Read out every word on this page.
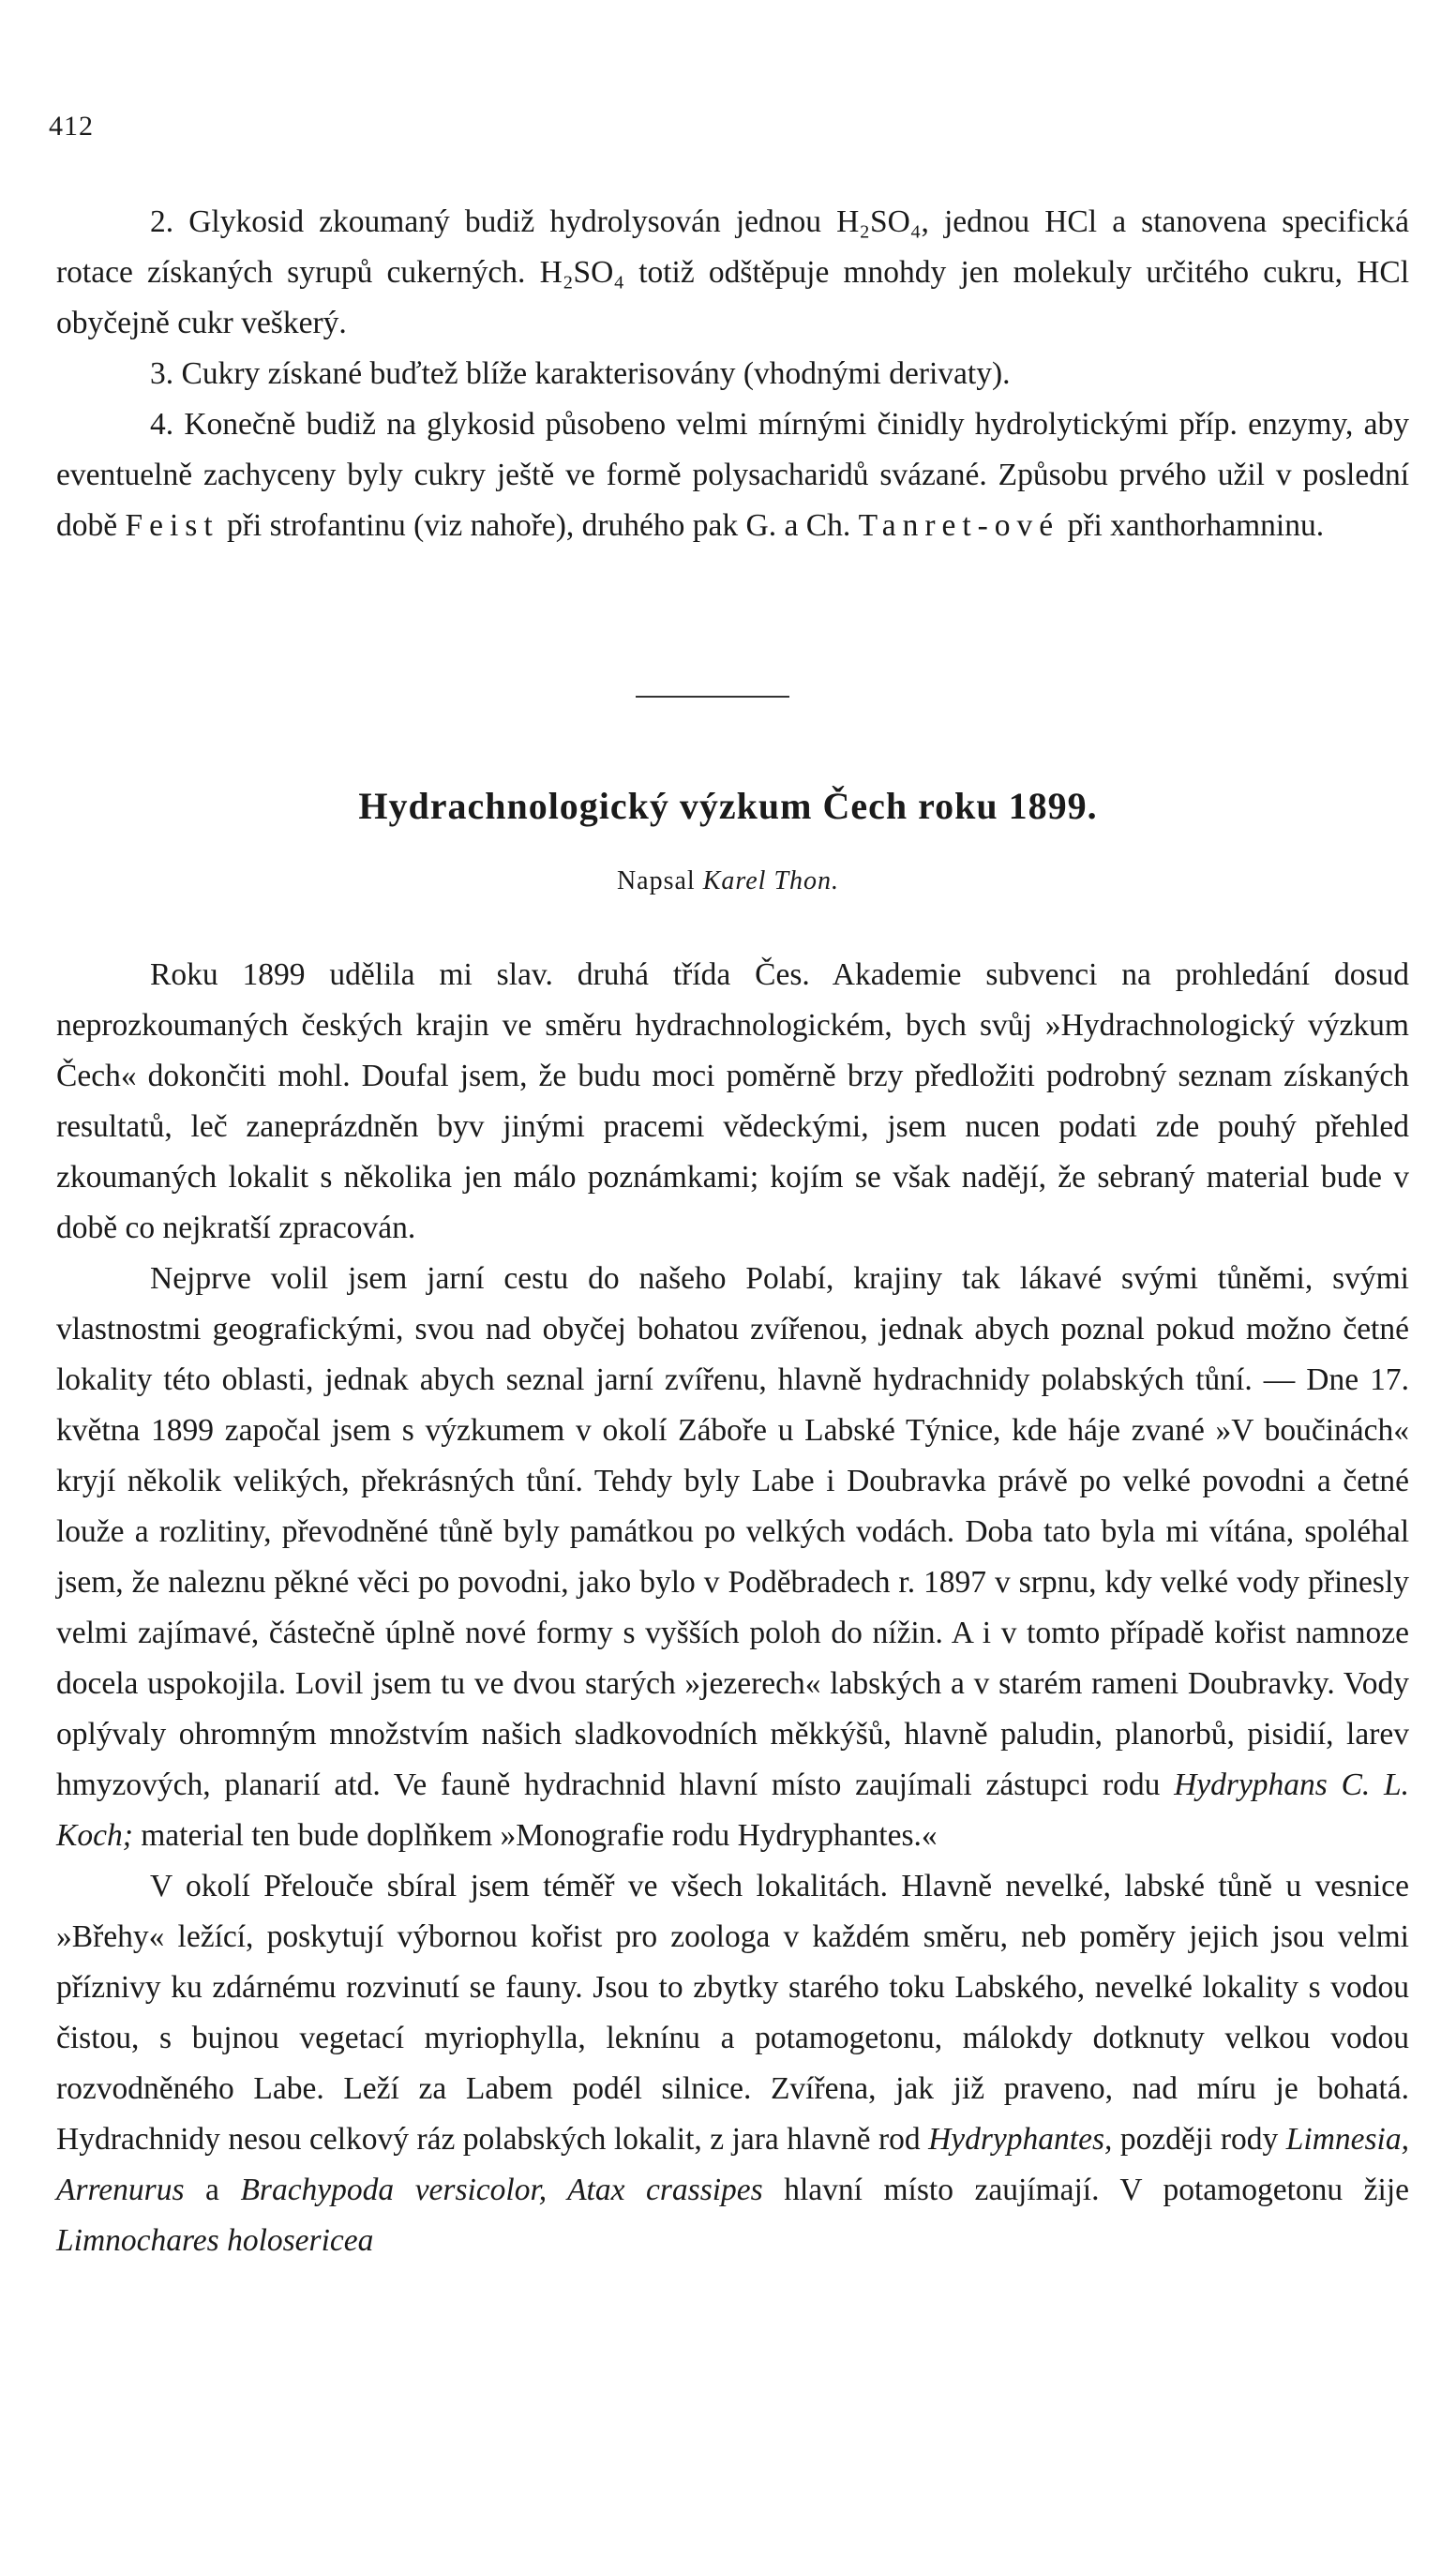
412

2. Glykosid zkoumaný budiž hydrolysován jednou H₂SO₄, jednou HCl a stanovena specifická rotace získaných syrupů cukerných. H₂SO₄ totiž odštěpuje mnohdy jen molekuly určitého cukru, HCl obyčejně cukr veškerý.

3. Cukry získané buďtež blíže karakterisovány (vhodnými derivaty).

4. Konečně budiž na glykosid působeno velmi mírnými činidly hydrolytickými příp. enzymy, aby eventuelně zachyceny byly cukry ještě ve formě polysacharidů svázané. Způsobu prvého užil v poslední době Feist při strofantinu (viz nahoře), druhého pak G. a Ch. Tanret-ové při xanthorhamninu.

Hydrachnologický výzkum Čech roku 1899.
Napsal Karel Thon.

Roku 1899 udělila mi slav. druhá třída Čes. Akademie subvenci na prohledání dosud neprozkoumaných českých krajin ve směru hydrachnologickém, bych svůj »Hydrachnologický výzkum Čech« dokončiti mohl. Doufal jsem, že budu moci poměrně brzy předložiti podrobný seznam získaných resultatů, leč zaneprázdněn byv jinými pracemi vědeckými, jsem nucen podati zde pouhý přehled zkoumaných lokalit s několika jen málo poznámkami; kojím se však nadějí, že sebraný material bude v době co nejkratší zpracován.

Nejprve volil jsem jarní cestu do našeho Polabí, krajiny tak lákavé svými tůněmi, svými vlastnostmi geografickými, svou nad obyčej bohatou zvířenou, jednak abych poznal pokud možno četné lokality této oblasti, jednak abych seznal jarní zvířenu, hlavně hydrachnidy polabských tůní. — Dne 17. května 1899 započal jsem s výzkumem v okolí Záboře u Labské Týnice, kde háje zvané »V boučinách« kryjí několik velikých, překrásných tůní. Tehdy byly Labe i Doubravka právě po velké povodni a četné louže a rozlitiny, převodněné tůně byly památkou po velkých vodách. Doba tato byla mi vítána, spoléhal jsem, že naleznu pěkné věci po povodni, jako bylo v Poděbradech r. 1897 v srpnu, kdy velké vody přinesly velmi zajímavé, částečně úplně nové formy s vyšších poloh do nížin. A i v tomto případě kořist namnoze docela uspokojila. Lovil jsem tu ve dvou starých »jezerech« labských a v starém rameni Doubravky. Vody oplývaly ohromným množstvím našich sladkovodních měkkýšů, hlavně paludin, planorbů, pisidií, larev hmyzových, planarií atd. Ve fauně hydrachnid hlavní místo zaujímali zástupci rodu Hydryphans C. L. Koch; material ten bude doplňkem »Monografie rodu Hydryphantes.«

V okolí Přelouče sbíral jsem téměř ve všech lokalitách. Hlavně nevelké, labské tůně u vesnice »Břehy« ležící, poskytují výbornou kořist pro zoologa v každém směru, neb poměry jejich jsou velmi příznivy ku zdárnému rozvinutí se fauny. Jsou to zbytky starého toku Labského, nevelké lokality s vodou čistou, s bujnou vegetací myriophylla, leknínu a potamogetonu, málokdy dotknuty velkou vodou rozvodněného Labe. Leží za Labem podél silnice. Zvířena, jak již praveno, nad míru je bohatá. Hydrachnidy nesou celkový ráz polabských lokalit, z jara hlavně rod Hydryphantes, později rody Limnesia, Arrenurus a Brachypoda versicolor, Atax crassipes hlavní místo zaujímají. V potamogetonu žije Limnochares holosericea
